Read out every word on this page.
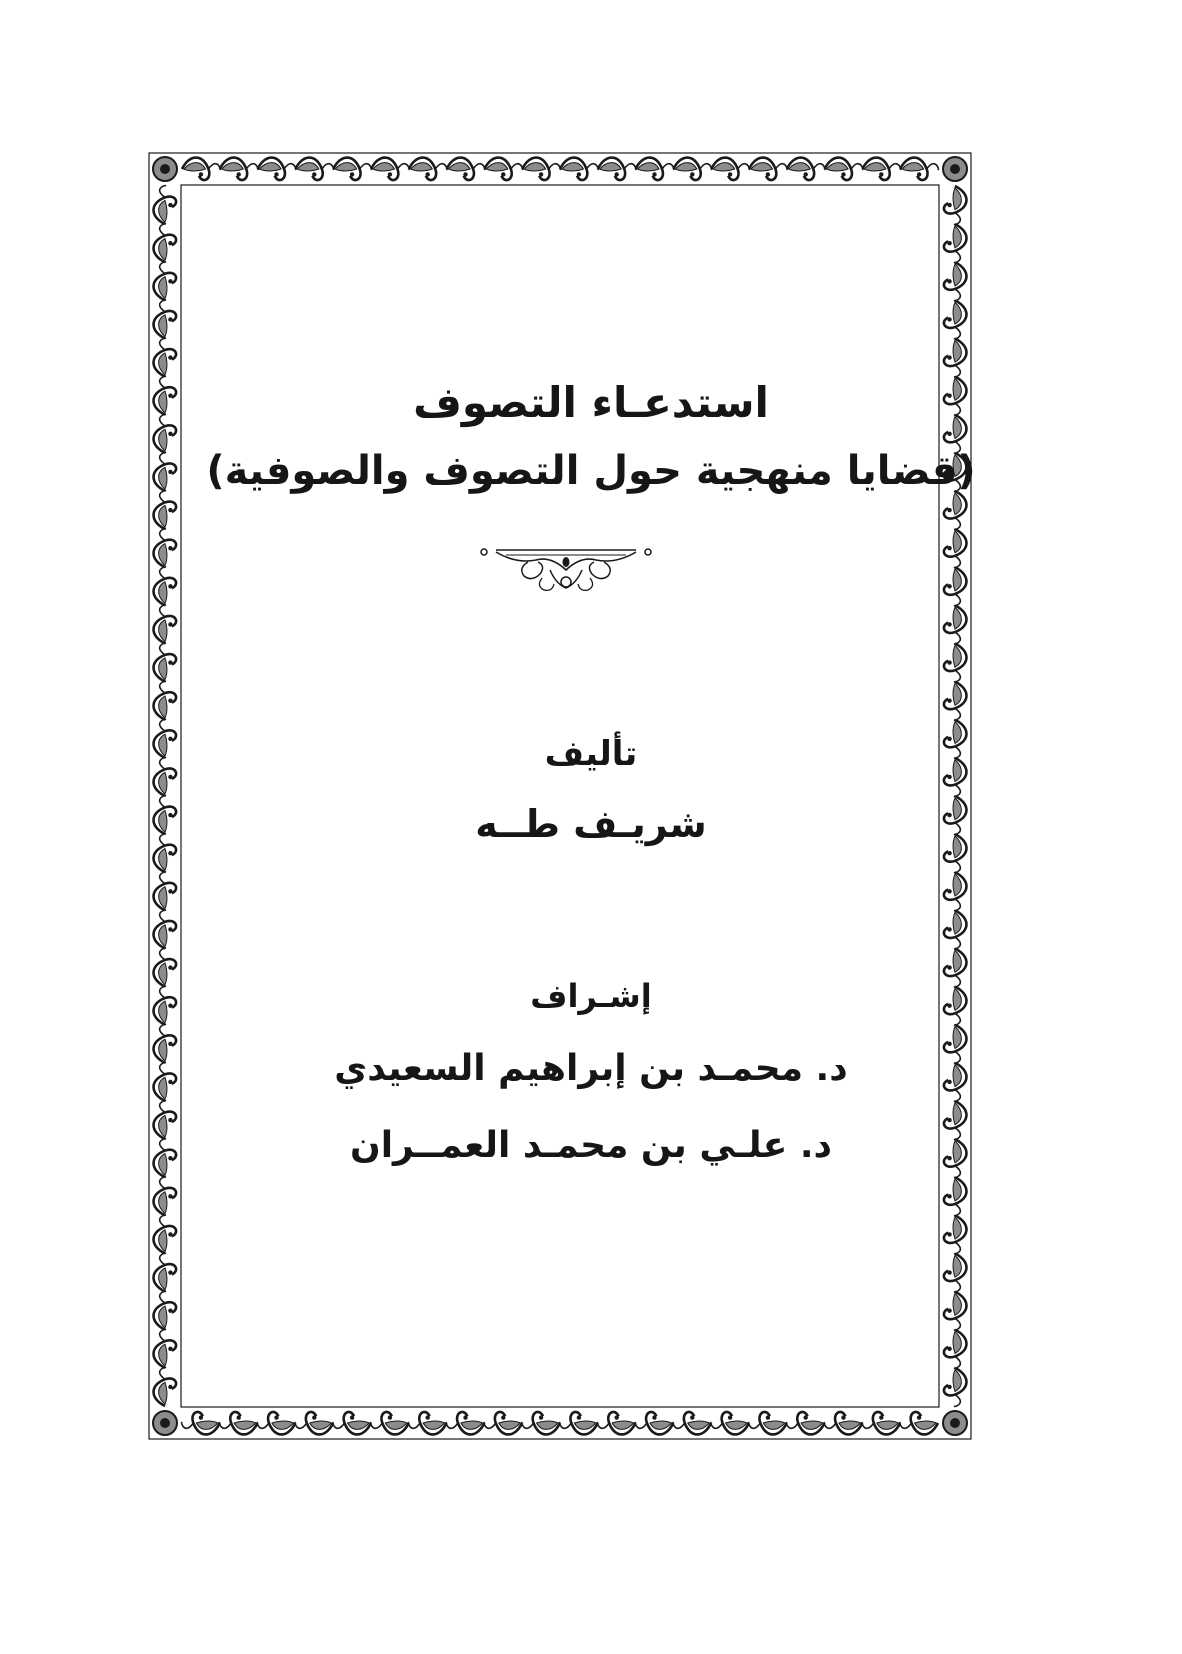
استدعـاء التصوف
(قضايا منهجية حول التصوف والصوفية)
تأليف
شريـف طــه
إشـراف
د. محمـد بن إبراهيم السعيدي
د. علـي بن محمـد العمــران
